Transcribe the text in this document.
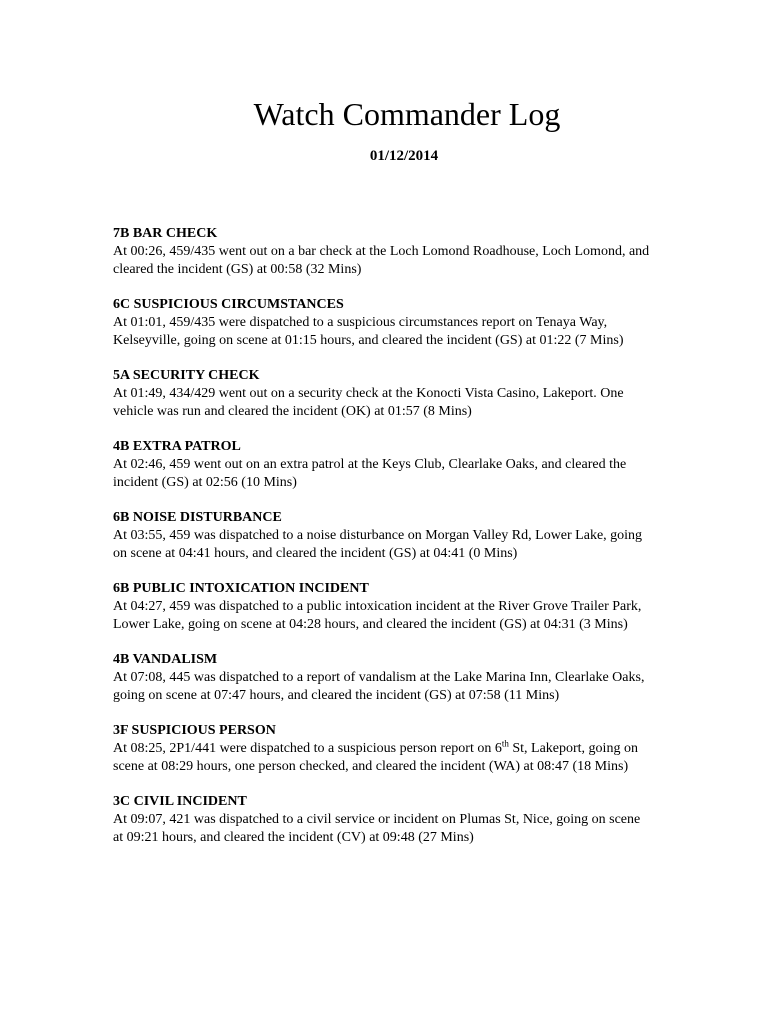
Watch Commander Log
01/12/2014
7B BAR CHECK

At 00:26, 459/435 went out on a bar check at the Loch Lomond Roadhouse, Loch Lomond, and cleared the incident (GS) at 00:58 (32 Mins)

6C SUSPICIOUS CIRCUMSTANCES

At 01:01, 459/435 were dispatched to a suspicious circumstances report on Tenaya Way, Kelseyville, going on scene at 01:15 hours, and cleared the incident (GS) at 01:22 (7 Mins)

5A SECURITY CHECK

At 01:49, 434/429 went out on a security check at the Konocti Vista Casino, Lakeport. One vehicle was run and cleared the incident (OK) at 01:57 (8 Mins)

4B EXTRA PATROL

At 02:46, 459 went out on an extra patrol at the Keys Club, Clearlake Oaks, and cleared the incident (GS) at 02:56 (10 Mins)

6B NOISE DISTURBANCE

At 03:55, 459 was dispatched to a noise disturbance on Morgan Valley Rd, Lower Lake, going on scene at 04:41 hours, and cleared the incident (GS) at 04:41 (0 Mins)

6B PUBLIC INTOXICATION INCIDENT

At 04:27, 459 was dispatched to a public intoxication incident at the River Grove Trailer Park, Lower Lake, going on scene at 04:28 hours, and cleared the incident (GS) at 04:31 (3 Mins)

4B VANDALISM

At 07:08, 445 was dispatched to a report of vandalism at the Lake Marina Inn, Clearlake Oaks, going on scene at 07:47 hours, and cleared the incident (GS) at 07:58 (11 Mins)

3F SUSPICIOUS PERSON

At 08:25, 2P1/441 were dispatched to a suspicious person report on 6th St, Lakeport, going on scene at 08:29 hours, one person checked, and cleared the incident (WA) at 08:47 (18 Mins)

3C CIVIL INCIDENT

At 09:07, 421 was dispatched to a civil service or incident on Plumas St, Nice, going on scene at 09:21 hours, and cleared the incident (CV) at 09:48 (27 Mins)
